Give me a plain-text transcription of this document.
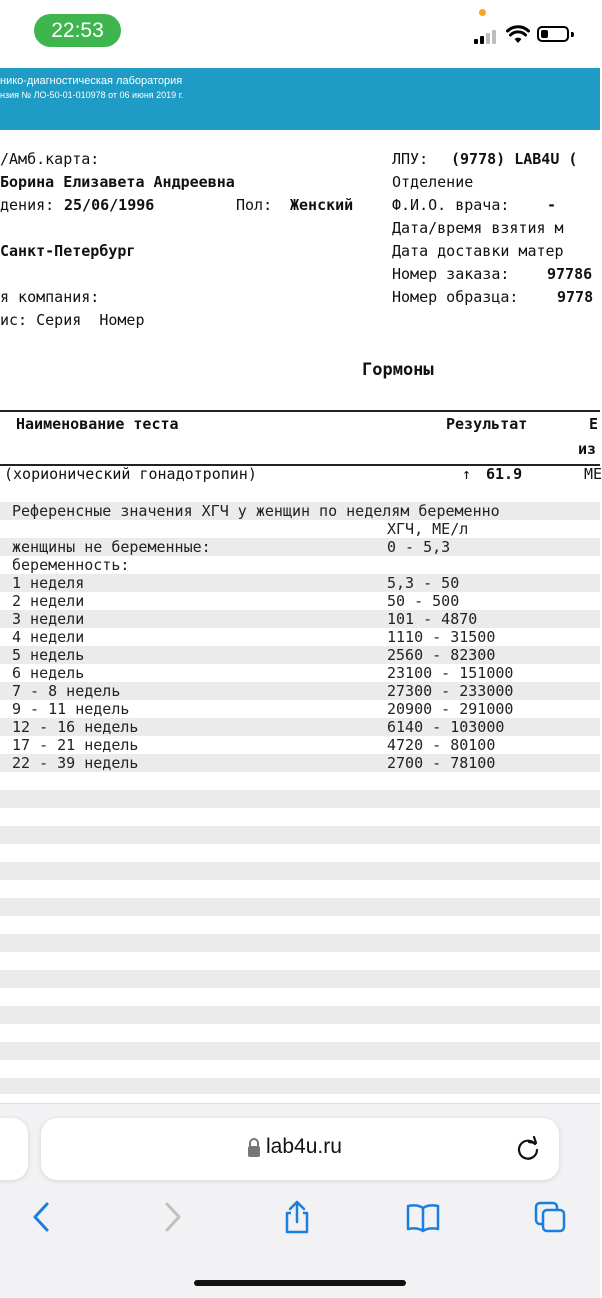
22:53
нико-диагностическая лаборатория
нзия № ЛО-50-01-010978 от 06 июня 2019 г.
/Амб.карта:
Борина Елизавета Андреевна
дения: 25/06/1996	Пол: Женский
Санкт-Петербург
я компания:
ис: Серия  Номер
ЛПУ: (9778) LAB4U (
Отделение
Ф.И.О. врача:	-
Дата/время взятия м
Дата доставки матер
Номер заказа:	97786
Номер образца:	9778
Гормоны
Наименование теста	Результат	Е
из
(хорионический гонадотропин)	↑ 61.9	МЕ
Референсные значения ХГЧ у женщин по неделям беременно
ХГЧ, МЕ/л
женщины не беременные:	0 - 5,3
беременность:
1 неделя	5,3 - 50
2 недели	50 - 500
3 недели	101 - 4870
4 недели	1110 - 31500
5 недель	2560 - 82300
6 недель	23100 - 151000
7 - 8 недель	27300 - 233000
9 - 11 недель	20900 - 291000
12 - 16 недель	6140 - 103000
17 - 21 недель	4720 - 80100
22 - 39 недель	2700 - 78100
lab4u.ru
